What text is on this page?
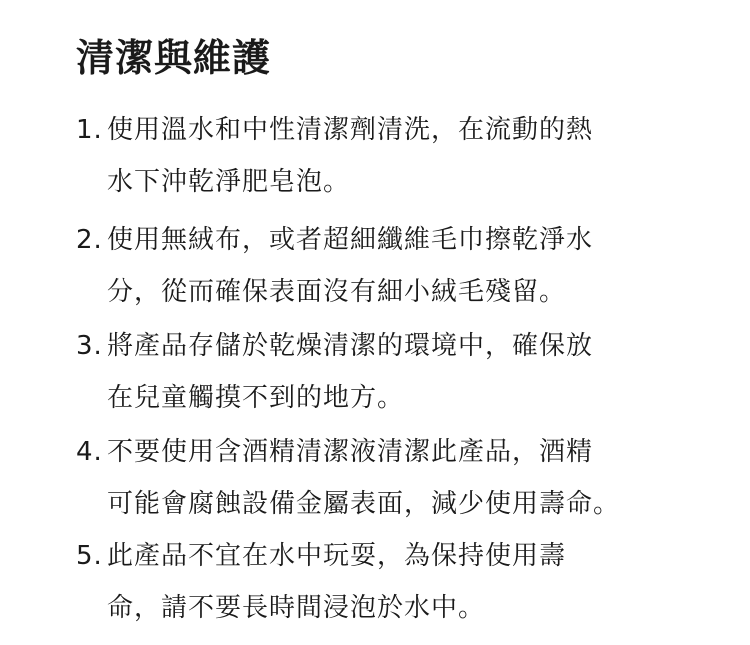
清潔與維護
1. 使用溫水和中性清潔劑清洗，在流動的熱
水下沖乾淨肥皂泡。
2. 使用無絨布，或者超細纖維毛巾擦乾淨水
分，從而確保表面沒有細小絨毛殘留。
3. 將產品存儲於乾燥清潔的環境中，確保放
在兒童觸摸不到的地方。
4. 不要使用含酒精清潔液清潔此產品，酒精
可能會腐蝕設備金屬表面，減少使用壽命。
5. 此產品不宜在水中玩耍，為保持使用壽
命，請不要長時間浸泡於水中。
